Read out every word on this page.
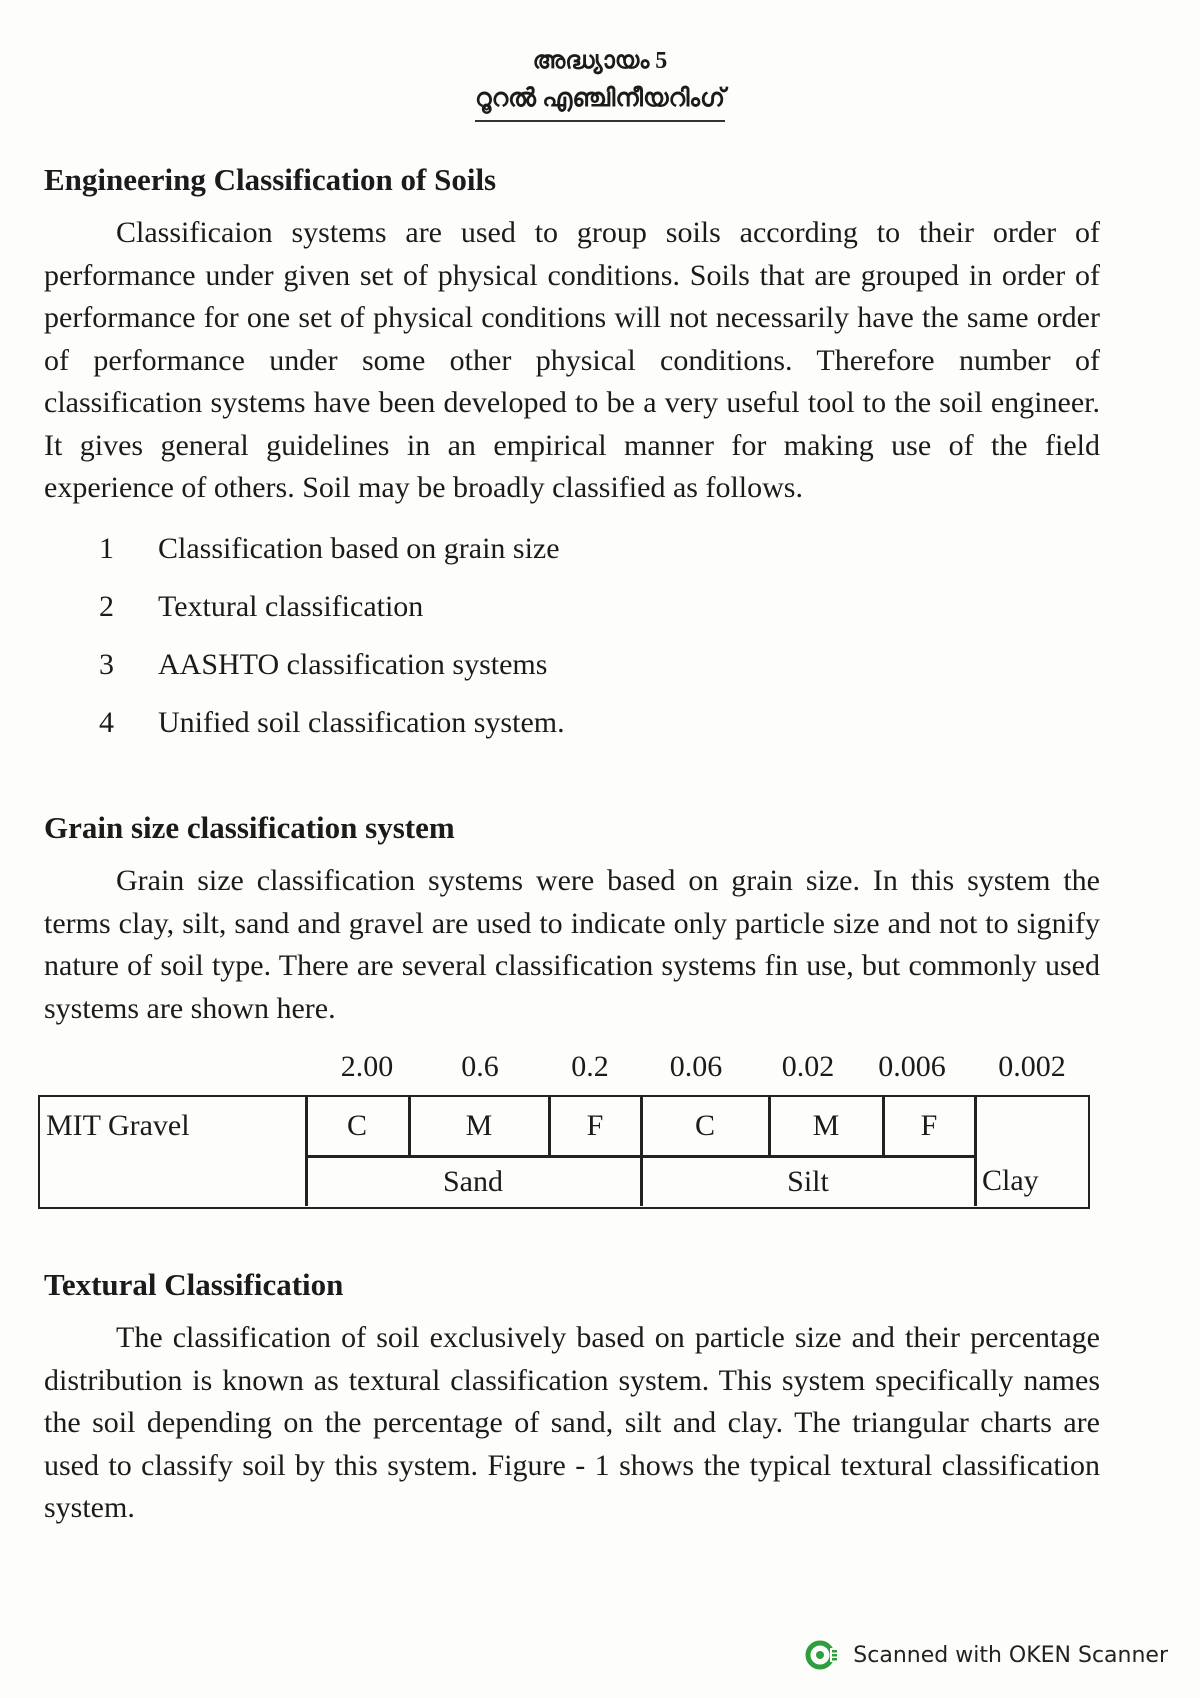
അദ്ധ്യായം 5
റൂറൽ എഞ്ചിനീയറിംഗ്
Engineering Classification of Soils

Classificaion systems are used to group soils according to their order of performance under given set of physical conditions. Soils that are grouped in order of performance for one set of physical conditions will not necessarily have the same order of performance under some other physical conditions. Therefore number of classification systems have been developed to be a very useful tool to the soil engineer. It gives general guidelines in an empirical manner for making use of the field experience of others. Soil may be broadly classified as follows.

1	Classification based on grain size
2	Textural classification
3	AASHTO classification systems
4	Unified soil classification system.
Grain size classification system

Grain size classification systems were based on grain size. In this system the terms clay, silt, sand and gravel are used to indicate only particle size and not to signify nature of soil type. There are several classification systems fin use, but commonly used systems are shown here.

2.00 0.6 0.2 0.06 0.02 0.006 0.002
MIT Gravel	C	M	F	C	M	F
Sand	Silt	Clay
Textural Classification

The classification of soil exclusively based on particle size and their percentage distribution is known as textural classification system. This system specifically names the soil depending on the percentage of sand, silt and clay. The triangular charts are used to classify soil by this system. Figure - 1 shows the typical textural classification system.

Scanned with OKEN Scanner
